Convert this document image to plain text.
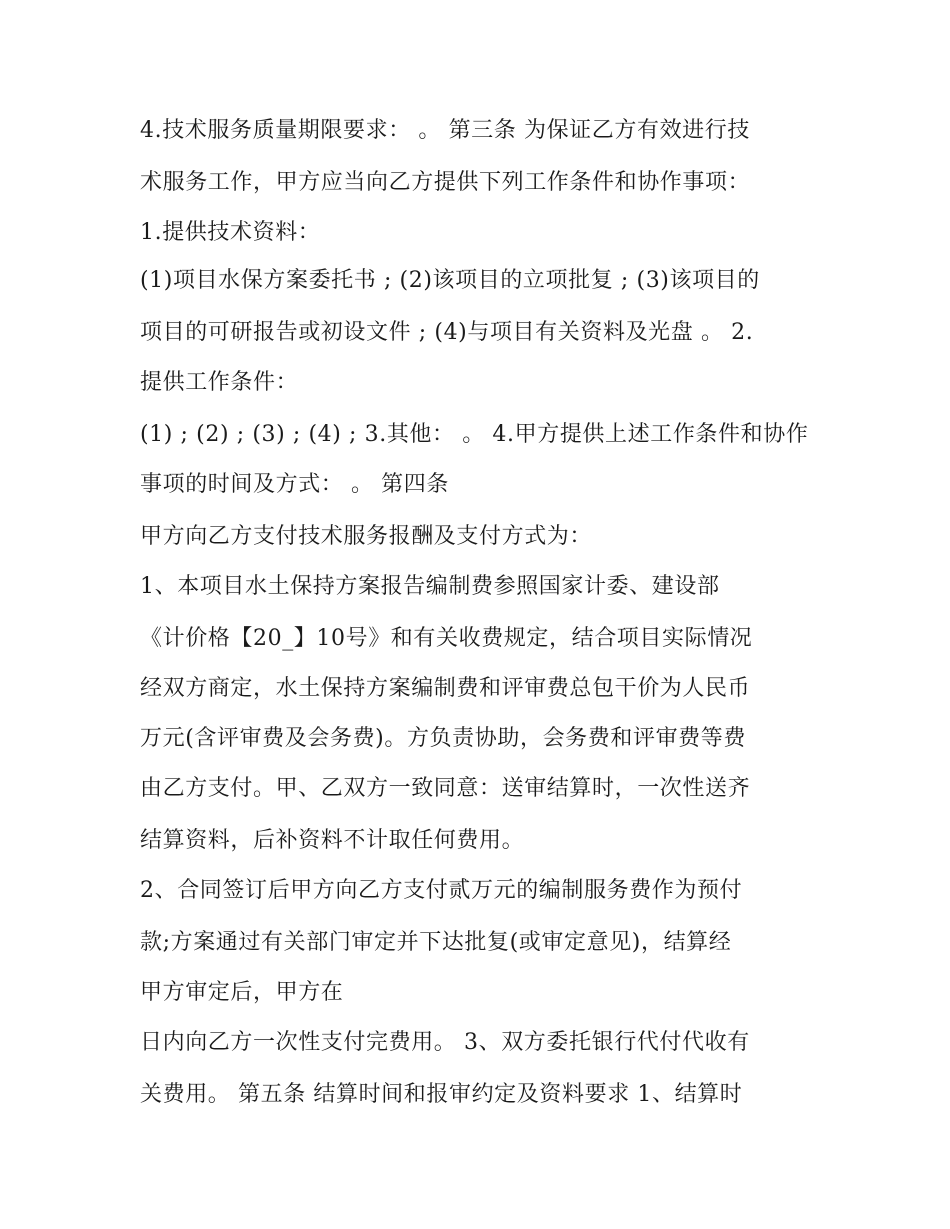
4.技术服务质量期限要求： 。 第三条 为保证乙方有效进行技
术服务工作，甲方应当向乙方提供下列工作条件和协作事项：
1.提供技术资料：
(1)项目水保方案委托书 ; (2)该项目的立项批复 ; (3)该项目的
项目的可研报告或初设文件 ; (4)与项目有关资料及光盘 。 2.
提供工作条件：
(1) ; (2) ; (3) ; (4) ; 3.其他： 。 4.甲方提供上述工作条件和协作
事项的时间及方式： 。 第四条
甲方向乙方支付技术服务报酬及支付方式为：
1、本项目水土保持方案报告编制费参照国家计委、建设部
《计价格【20_】10号》和有关收费规定，结合项目实际情况
经双方商定，水土保持方案编制费和评审费总包干价为人民币
万元(含评审费及会务费)。方负责协助，会务费和评审费等费
由乙方支付。甲、乙双方一致同意：送审结算时，一次性送齐
结算资料，后补资料不计取任何费用。
2、合同签订后甲方向乙方支付贰万元的编制服务费作为预付
款;方案通过有关部门审定并下达批复(或审定意见)，结算经
甲方审定后，甲方在
日内向乙方一次性支付完费用。 3、双方委托银行代付代收有
关费用。 第五条 结算时间和报审约定及资料要求 1、结算时
